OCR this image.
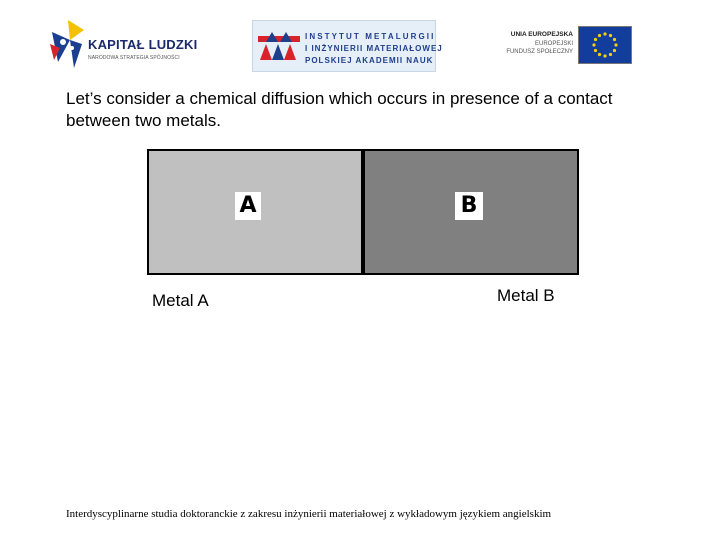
KAPITAŁ LUDZKI
NARODOWA STRATEGIA SPÓJNOŚCI
INSTYTUT METALURGII
I INŻYNIERII MATERIAŁOWEJ
POLSKIEJ AKADEMII NAUK
UNIA EUROPEJSKA
EUROPEJSKI
FUNDUSZ SPOŁECZNY
Let’s consider a chemical diffusion which occurs in presence of a contact between two metals.
A	B
Metal A	Metal B
Interdyscyplinarne studia doktoranckie z zakresu inżynierii materiałowej z wykładowym językiem angielskim
